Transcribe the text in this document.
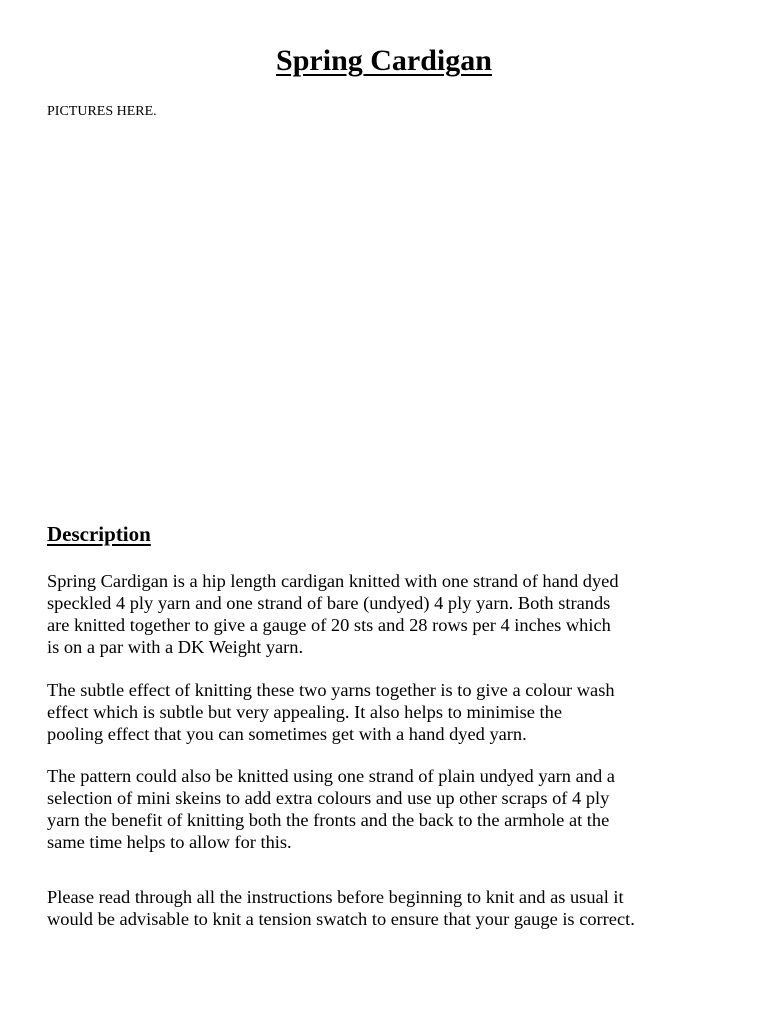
Spring Cardigan

PICTURES HERE.

Description

Spring Cardigan is a hip length cardigan knitted with one strand of hand dyed
speckled 4 ply yarn and one strand of bare (undyed) 4 ply yarn. Both strands
are knitted together to give a gauge of 20 sts and 28 rows per 4 inches which
is on a par with a DK Weight yarn.

The subtle effect of knitting these two yarns together is to give a colour wash
effect which is subtle but very appealing. It also helps to minimise the
pooling effect that you can sometimes get with a hand dyed yarn.

The pattern could also be knitted using one strand of plain undyed yarn and a
selection of mini skeins to add extra colours and use up other scraps of 4 ply
yarn the benefit of knitting both the fronts and the back to the armhole at the
same time helps to allow for this.

Please read through all the instructions before beginning to knit and as usual it
would be advisable to knit a tension swatch to ensure that your gauge is correct.
